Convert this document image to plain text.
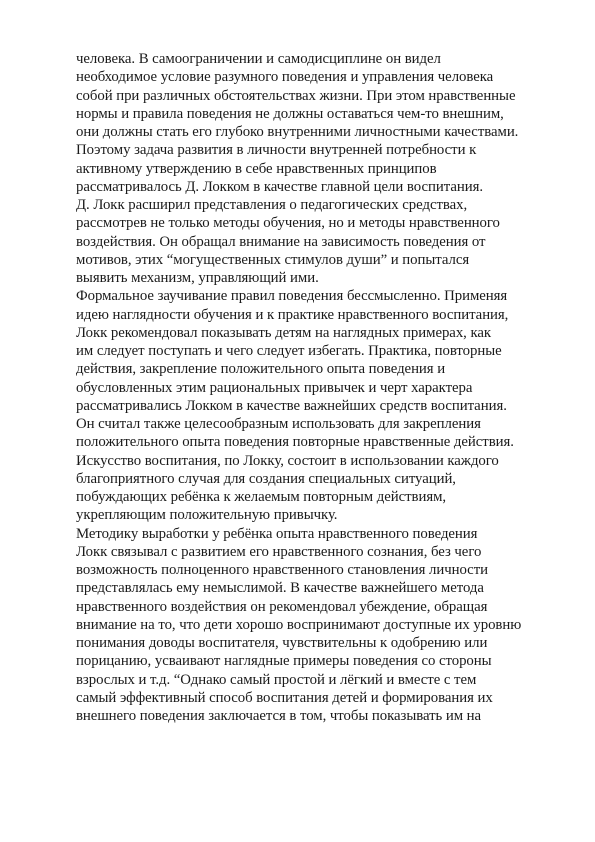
человека. В самоограничении и самодисциплине он видел
необходимое условие разумного поведения и управления человека
собой при различных обстоятельствах жизни. При этом нравственные
нормы и правила поведения не должны оставаться чем-то внешним,
они должны стать его глубоко внутренними личностными качествами.
Поэтому задача развития в личности внутренней потребности к
активному утверждению в себе нравственных принципов
рассматривалось Д. Локком в качестве главной цели воспитания.
Д. Локк расширил представления о педагогических средствах,
рассмотрев не только методы обучения, но и методы нравственного
воздействия. Он обращал внимание на зависимость поведения от
мотивов, этих “могущественных стимулов души” и попытался
выявить механизм, управляющий ими.
Формальное заучивание правил поведения бессмысленно. Применяя
идею наглядности обучения и к практике нравственного воспитания,
Локк рекомендовал показывать детям на наглядных примерах, как
им следует поступать и чего следует избегать. Практика, повторные
действия, закрепление положительного опыта поведения и
обусловленных этим рациональных привычек и черт характера
рассматривались Локком в качестве важнейших средств воспитания.
Он считал также целесообразным использовать для закрепления
положительного опыта поведения повторные нравственные действия.
Искусство воспитания, по Локку, состоит в использовании каждого
благоприятного случая для создания специальных ситуаций,
побуждающих ребёнка к желаемым повторным действиям,
укрепляющим положительную привычку.
Методику выработки у ребёнка опыта нравственного поведения
Локк связывал с развитием его нравственного сознания, без чего
возможность полноценного нравственного становления личности
представлялась ему немыслимой. В качестве важнейшего метода
нравственного воздействия он рекомендовал убеждение, обращая
внимание на то, что дети хорошо воспринимают доступные их уровню
понимания доводы воспитателя, чувствительны к одобрению или
порицанию, усваивают наглядные примеры поведения со стороны
взрослых и т.д. “Однако самый простой и лёгкий и вместе с тем
самый эффективный способ воспитания детей и формирования их
внешнего поведения заключается в том, чтобы показывать им на
